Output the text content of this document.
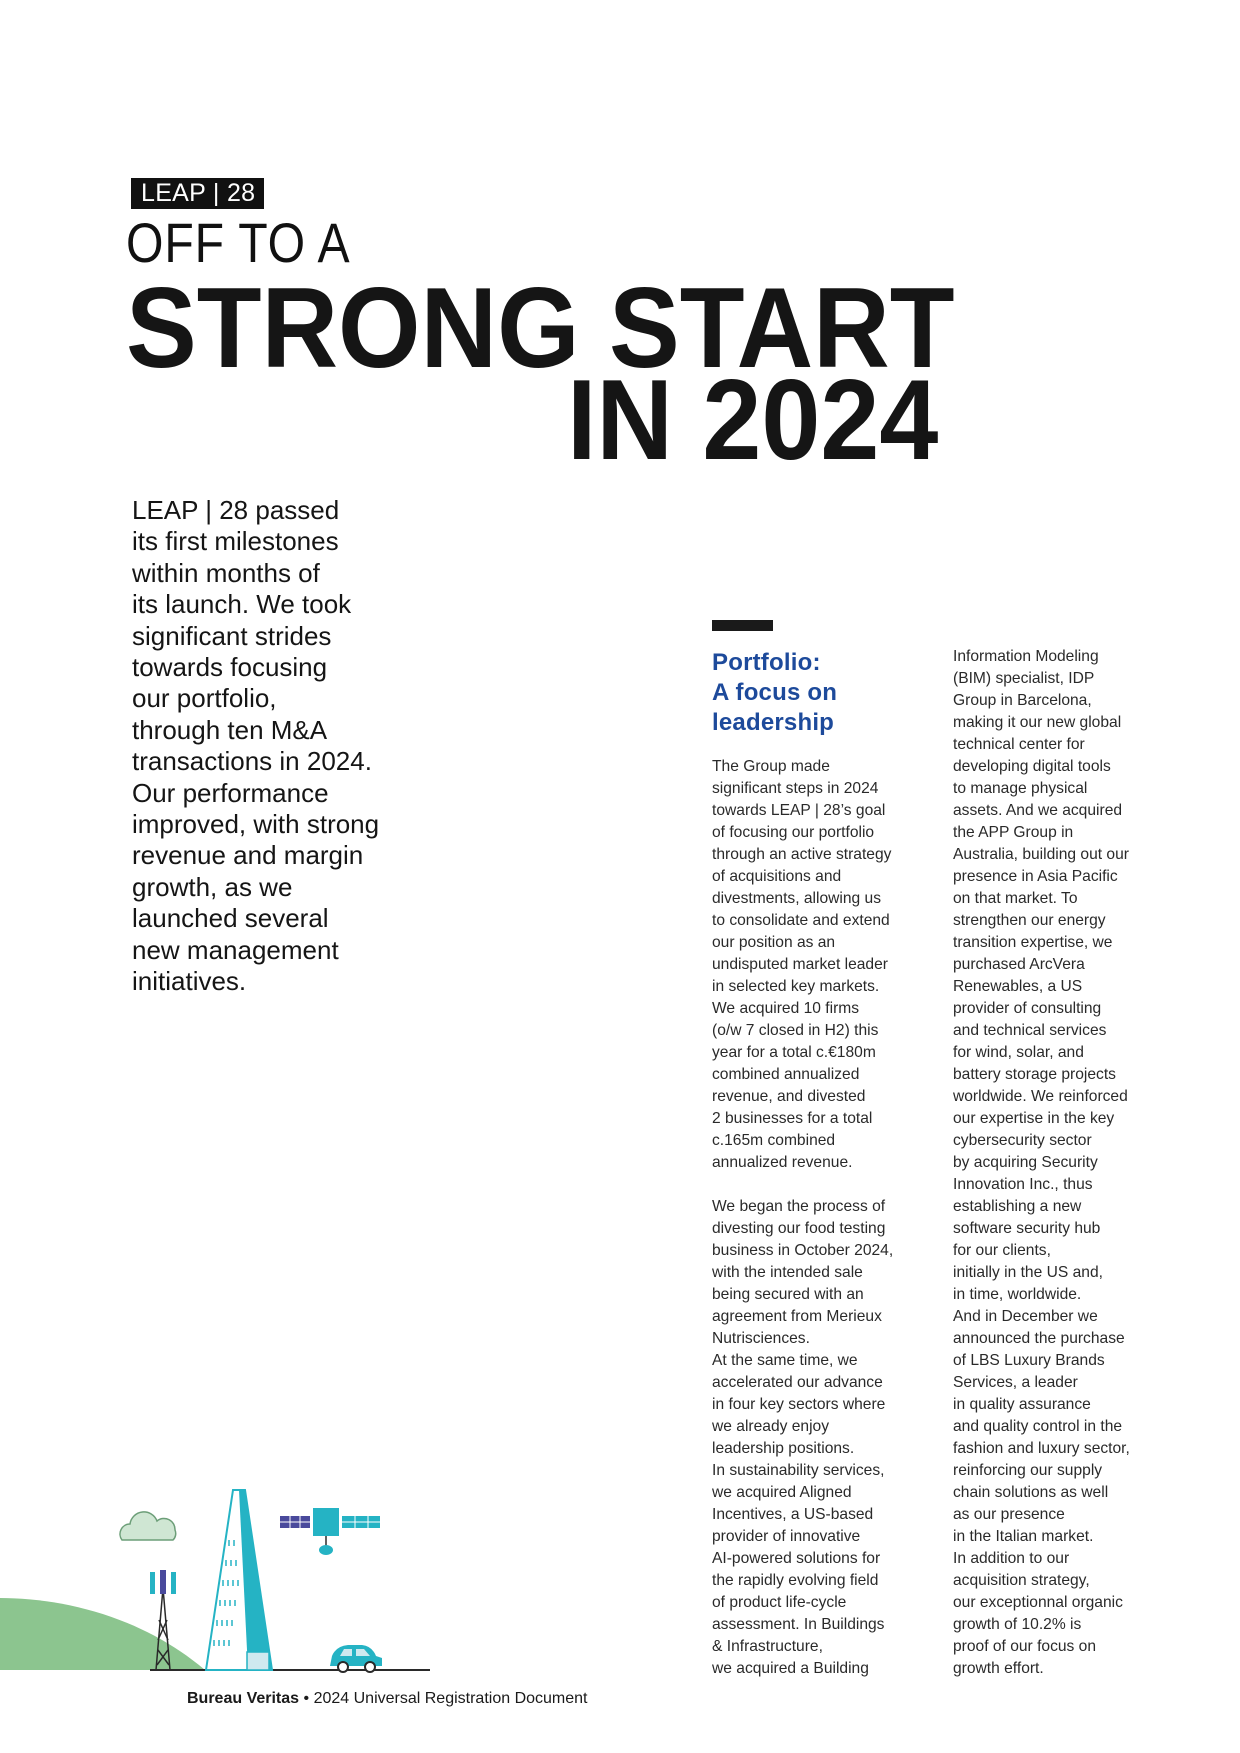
LEAP | 28
OFF TO A
STRONG START
IN 2024
LEAP | 28 passed
its first milestones
within months of
its launch. We took
significant strides
towards focusing
our portfolio,
through ten M&A
transactions in 2024.
Our performance
improved, with strong
revenue and margin
growth, as we
launched several
new management
initiatives.
Portfolio:
A focus on
leadership
The Group made
significant steps in 2024
towards LEAP | 28’s goal
of focusing our portfolio
through an active strategy
of acquisitions and
divestments, allowing us
to consolidate and extend
our position as an
undisputed market leader
in selected key markets.
We acquired 10 firms
(o/w 7 closed in H2) this
year for a total c.€180m
combined annualized
revenue, and divested
2 businesses for a total
c.165m combined
annualized revenue.

We began the process of
divesting our food testing
business in October 2024,
with the intended sale
being secured with an
agreement from Merieux
Nutrisciences.
At the same time, we
accelerated our advance
in four key sectors where
we already enjoy
leadership positions.
In sustainability services,
we acquired Aligned
Incentives, a US-based
provider of innovative
AI-powered solutions for
the rapidly evolving field
of product life-cycle
assessment. In Buildings
& Infrastructure,
we acquired a Building
Information Modeling
(BIM) specialist, IDP
Group in Barcelona,
making it our new global
technical center for
developing digital tools
to manage physical
assets. And we acquired
the APP Group in
Australia, building out our
presence in Asia Pacific
on that market. To
strengthen our energy
transition expertise, we
purchased ArcVera
Renewables, a US
provider of consulting
and technical services
for wind, solar, and
battery storage projects
worldwide. We reinforced
our expertise in the key
cybersecurity sector
by acquiring Security
Innovation Inc., thus
establishing a new
software security hub
for our clients,
initially in the US and,
in time, worldwide.
And in December we
announced the purchase
of LBS Luxury Brands
Services, a leader
in quality assurance
and quality control in the
fashion and luxury sector,
reinforcing our supply
chain solutions as well
as our presence
in the Italian market.
In addition to our
acquisition strategy,
our exceptionnal organic
growth of 10.2% is
proof of our focus on
growth effort.
Bureau Veritas • 2024 Universal Registration Document
